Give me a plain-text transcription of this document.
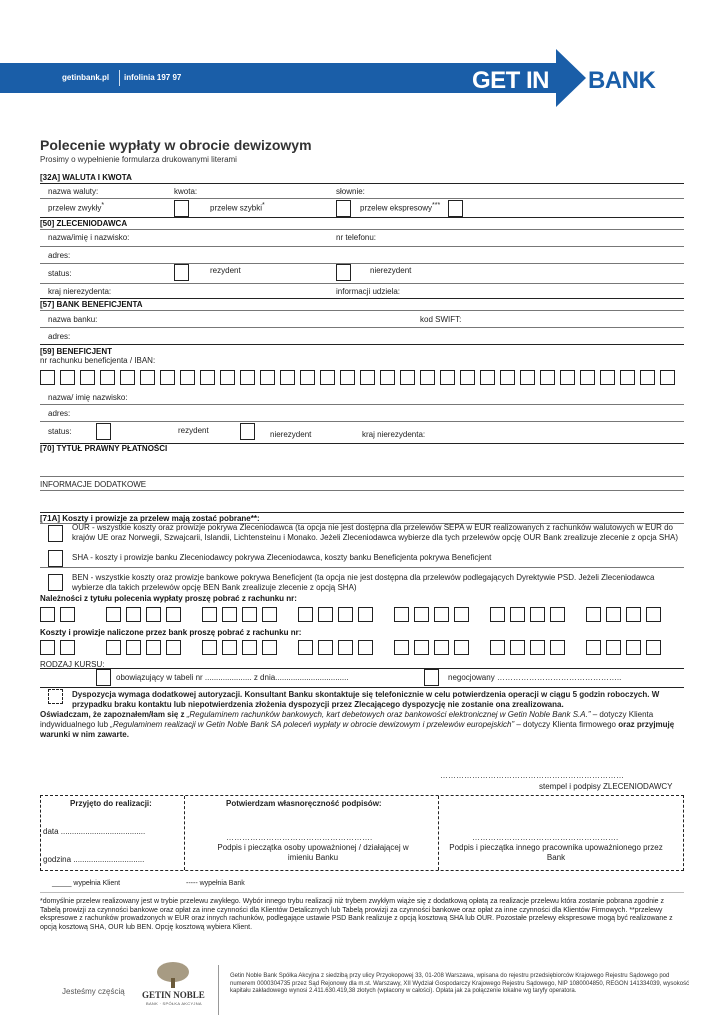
getinbank.pl infolinia 197 97	GET IN BANK
Polecenie wypłaty w obrocie dewizowym
Prosimy o wypełnienie formularza drukowanymi literami
[32A] WALUTA I KWOTA
nazwa waluty:	kwota:	słownie:
przelew zwykły*	przelew szybki*	przelew ekspresowy***
[50] ZLECENIODAWCA
nazwa/imię i nazwisko:	nr telefonu:
adres:
status:	rezydent	nierezydent
kraj nierezydenta:	informacji udziela:
[57] BANK BENEFICJENTA
nazwa banku:	kod SWIFT:
adres:
[59] BENEFICJENT
nr rachunku beneficjenta / IBAN:
nazwa/ imię nazwisko:
adres:
status:	rezydent	nierezydent	kraj nierezydenta:
[70] TYTUŁ PRAWNY PŁATNOŚCI
INFORMACJE DODATKOWE
[71A] Koszty i prowizje za przelew mają zostać pobrane**:
OUR - wszystkie koszty oraz prowizje pokrywa Zleceniodawca (ta opcja nie jest dostępna dla przelewów SEPA w EUR realizowanych z rachunków walutowych w EUR do krajów UE oraz Norwegii, Szwajcarii, Islandii, Lichtensteinu i Monako. Jeżeli Zleceniodawca wybierze dla tych przelewów opcję OUR Bank zrealizuje zlecenie z opcja SHA)
SHA - koszty i prowizje banku Zleceniodawcy pokrywa Zleceniodawca, koszty banku Beneficjenta pokrywa Beneficjent
BEN - wszystkie koszty oraz prowizje bankowe pokrywa Beneficjent (ta opcja nie jest dostępna dla przelewów podlegających Dyrektywie PSD. Jeżeli Zleceniodawca wybierze dla takich przelewów opcję BEN Bank zrealizuje zlecenie z opcją SHA)
Należności z tytułu polecenia wypłaty proszę pobrać z rachunku nr:
Koszty i prowizje naliczone przez bank proszę pobrać z rachunku nr:
RODZAJ KURSU:
obowiązujący w tabeli nr ..................... z dnia.................................	negocjowany ………………………………………..
Dyspozycja wymaga dodatkowej autoryzacji. Konsultant Banku skontaktuje się telefonicznie w celu potwierdzenia operacji w ciągu 5 godzin roboczych. W przypadku braku kontaktu lub niepotwierdzenia złożenia dyspozycji przez Zlecającego dyspozycję nie zostanie ona zrealizowana.
Oświadczam, że zapoznałem/łam się z „Regulaminem rachunków bankowych, kart debetowych oraz bankowości elektronicznej w Getin Noble Bank S.A.” – dotyczy Klienta indywidualnego lub „Regulaminem realizacji w Getin Noble Bank SA poleceń wypłaty w obrocie dewizowym i przelewów europejskich” – dotyczy Klienta firmowego oraz przyjmuję warunki w nim zawarte.
……………………………………………………………
stempel i podpisy ZLECENIODAWCY
Przyjęto do realizacji:
data ......................................
godzina ................................
Potwierdzam własnoręczność podpisów:
……………………………………………….
Podpis i pieczątka osoby upoważnionej / działającej w imieniu Banku
……………………………………………….
Podpis i pieczątka innego pracownika upoważnionego przez Bank
_____ wypełnia Klient	----- wypełnia Bank
*domyślnie przelew realizowany jest w trybie przelewu zwykłego. Wybór innego trybu realizacji niż trybem zwykłym wiąże się z dodatkową opłatą za realizacje przelewu która zostanie pobrana zgodnie z Tabelą prowizji za czynności bankowe oraz opłat za inne czynności dla Klientów Detalicznych lub Tabelą prowizji za czynności bankowe oraz opłat za inne czynności dla Klientów Firmowych. **przelewy ekspresowe z rachunków prowadzonych w EUR oraz innych rachunków, podlegające ustawie PSD Bank realizuje z opcją kosztową SHA lub OUR. Pozostałe przelewy ekspresowe mogą być realizowane z opcją kosztową SHA, OUR lub BEN. Opcję kosztową wybiera Klient.
Jesteśmy częścią GETIN NOBLE
BANK · SPÓŁKA AKCYJNA
Getin Noble Bank Spółka Akcyjna z siedzibą przy ulicy Przyokopowej 33, 01-208 Warszawa, wpisana do rejestru przedsiębiorców Krajowego Rejestru Sądowego pod numerem 0000304735 przez Sąd Rejonowy dla m.st. Warszawy, XII Wydział Gospodarczy Krajowego Rejestru Sądowego, NIP 1080004850, REGON 141334039, wysokość kapitału zakładowego wynosi 2.411.630.419,38 złotych (wpłacony w całości). Opłata jak za połączenie lokalne wg taryfy operatora.
